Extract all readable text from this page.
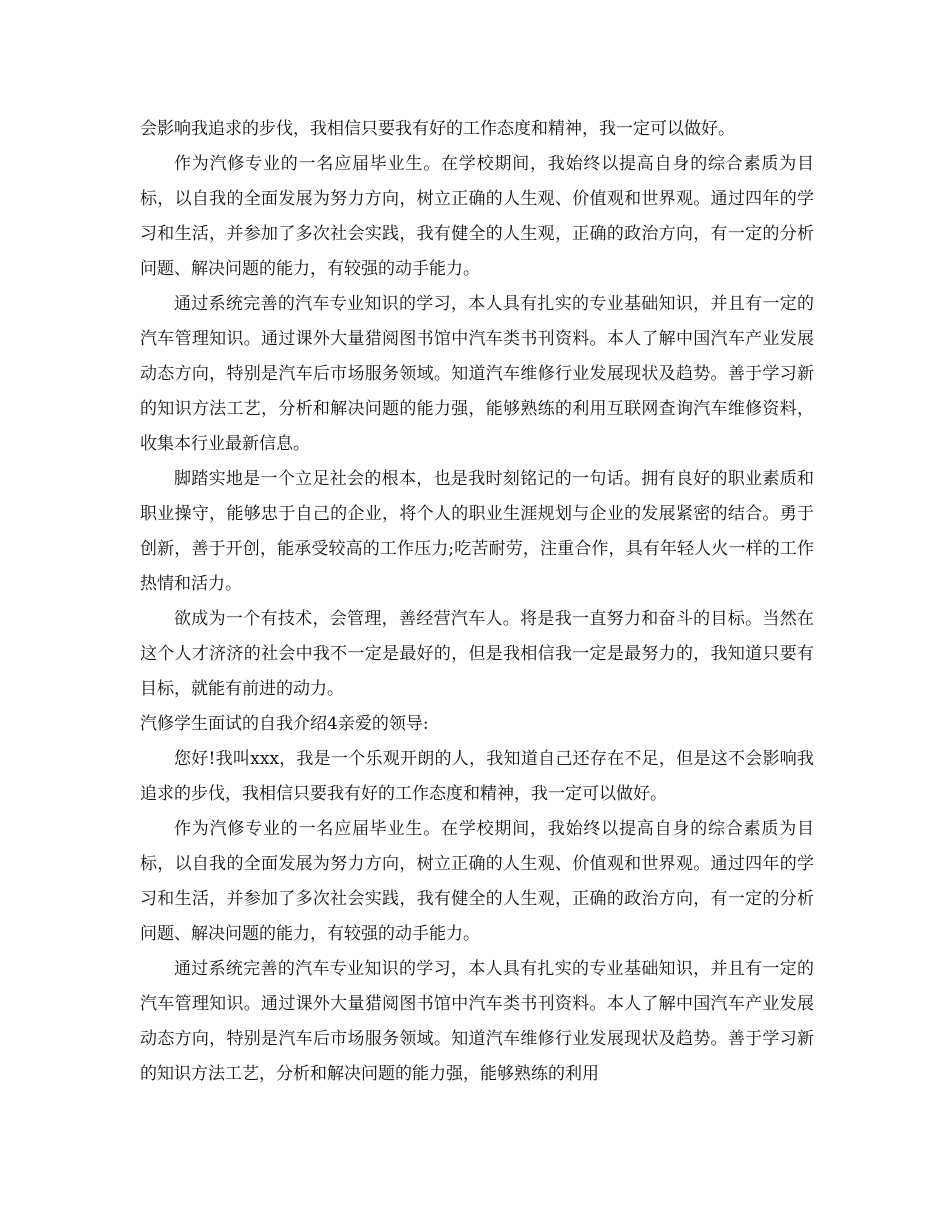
会影响我追求的步伐，我相信只要我有好的工作态度和精神，我一定可以做好。

作为汽修专业的一名应届毕业生。在学校期间，我始终以提高自身的综合素质为目标，以自我的全面发展为努力方向，树立正确的人生观、价值观和世界观。通过四年的学习和生活，并参加了多次社会实践，我有健全的人生观，正确的政治方向，有一定的分析问题、解决问题的能力，有较强的动手能力。

通过系统完善的汽车专业知识的学习，本人具有扎实的专业基础知识，并且有一定的汽车管理知识。通过课外大量猎阅图书馆中汽车类书刊资料。本人了解中国汽车产业发展动态方向，特别是汽车后市场服务领域。知道汽车维修行业发展现状及趋势。善于学习新的知识方法工艺，分析和解决问题的能力强，能够熟练的利用互联网查询汽车维修资料，收集本行业最新信息。

脚踏实地是一个立足社会的根本，也是我时刻铭记的一句话。拥有良好的职业素质和职业操守，能够忠于自己的企业，将个人的职业生涯规划与企业的发展紧密的结合。勇于创新，善于开创，能承受较高的工作压力;吃苦耐劳，注重合作，具有年轻人火一样的工作热情和活力。

欲成为一个有技术，会管理，善经营汽车人。将是我一直努力和奋斗的目标。当然在这个人才济济的社会中我不一定是最好的，但是我相信我一定是最努力的，我知道只要有目标，就能有前进的动力。

汽修学生面试的自我介绍4亲爱的领导:

您好!我叫xxx，我是一个乐观开朗的人，我知道自己还存在不足，但是这不会影响我追求的步伐，我相信只要我有好的工作态度和精神，我一定可以做好。

作为汽修专业的一名应届毕业生。在学校期间，我始终以提高自身的综合素质为目标，以自我的全面发展为努力方向，树立正确的人生观、价值观和世界观。通过四年的学习和生活，并参加了多次社会实践，我有健全的人生观，正确的政治方向，有一定的分析问题、解决问题的能力，有较强的动手能力。

通过系统完善的汽车专业知识的学习，本人具有扎实的专业基础知识，并且有一定的汽车管理知识。通过课外大量猎阅图书馆中汽车类书刊资料。本人了解中国汽车产业发展动态方向，特别是汽车后市场服务领域。知道汽车维修行业发展现状及趋势。善于学习新的知识方法工艺，分析和解决问题的能力强，能够熟练的利用
